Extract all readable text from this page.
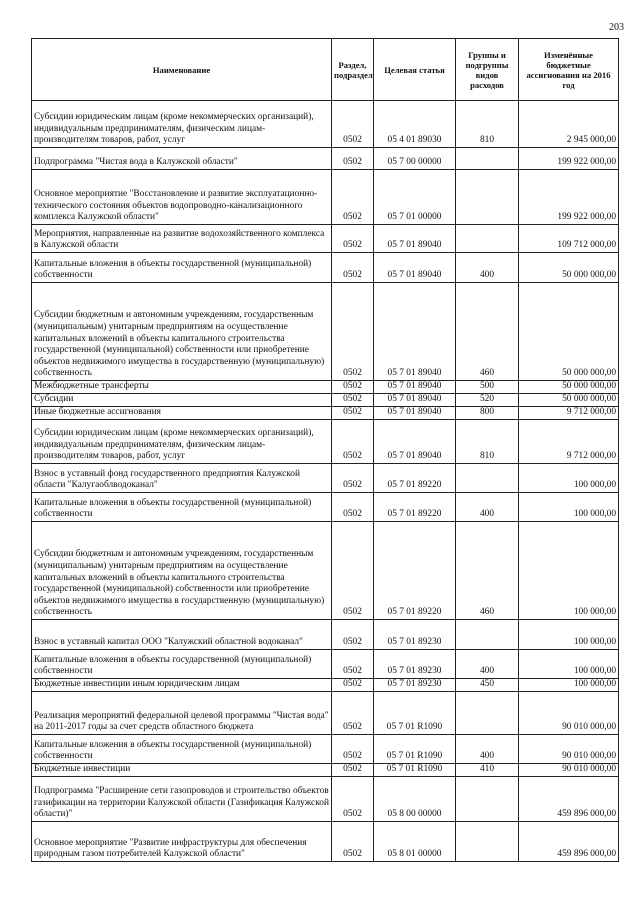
203
Наименование	Раздел, подраздел	Целевая статья	Группы и подгруппы видов расходов	Изменённые бюджетные ассигнования на 2016 год
Субсидии юридическим лицам (кроме некоммерческих организаций), индивидуальным предпринимателям, физическим лицам-производителям товаров, работ, услуг	0502	05 4 01 89030	810	2 945 000,00
Подпрограмма "Чистая вода в Калужской области"	0502	05 7 00 00000		199 922 000,00
Основное мероприятие "Восстановление и развитие эксплуатационно-технического состояния объектов водопроводно-канализационного комплекса Калужской области"	0502	05 7 01 00000		199 922 000,00
Мероприятия, направленные на развитие водохозяйственного комплекса в Калужской области	0502	05 7 01 89040		109 712 000,00
Капитальные вложения в объекты государственной (муниципальной) собственности	0502	05 7 01 89040	400	50 000 000,00
Субсидии бюджетным и автономным учреждениям, государственным (муниципальным) унитарным предприятиям на осуществление капитальных вложений в объекты капитального строительства государственной (муниципальной) собственности или приобретение объектов недвижимого имущества в государственную (муниципальную) собственность	0502	05 7 01 89040	460	50 000 000,00
Межбюджетные трансферты	0502	05 7 01 89040	500	50 000 000,00
Субсидии	0502	05 7 01 89040	520	50 000 000,00
Иные бюджетные ассигнования	0502	05 7 01 89040	800	9 712 000,00
Субсидии юридическим лицам (кроме некоммерческих организаций), индивидуальным предпринимателям, физическим лицам-производителям товаров, работ, услуг	0502	05 7 01 89040	810	9 712 000,00
Взнос в уставный фонд государственного предприятия Калужской области "Калугаоблводоканал"	0502	05 7 01 89220		100 000,00
Капитальные вложения в объекты государственной (муниципальной) собственности	0502	05 7 01 89220	400	100 000,00
Субсидии бюджетным и автономным учреждениям, государственным (муниципальным) унитарным предприятиям на осуществление капитальных вложений в объекты капитального строительства государственной (муниципальной) собственности или приобретение объектов недвижимого имущества в государственную (муниципальную) собственность	0502	05 7 01 89220	460	100 000,00
Взнос в уставный капитал ООО "Калужский областной водоканал"	0502	05 7 01 89230		100 000,00
Капитальные вложения в объекты государственной (муниципальной) собственности	0502	05 7 01 89230	400	100 000,00
Бюджетные инвестиции иным юридическим лицам	0502	05 7 01 89230	450	100 000,00
Реализация мероприятий федеральной целевой программы "Чистая вода" на 2011-2017 годы за счет средств областного бюджета	0502	05 7 01 R1090		90 010 000,00
Капитальные вложения в объекты государственной (муниципальной) собственности	0502	05 7 01 R1090	400	90 010 000,00
Бюджетные инвестиции	0502	05 7 01 R1090	410	90 010 000,00
Подпрограмма "Расширение сети газопроводов и строительство объектов газификации на территории Калужской области (Газификация Калужской области)"	0502	05 8 00 00000		459 896 000,00
Основное мероприятие "Развитие инфраструктуры для обеспечения природным газом потребителей Калужской области"	0502	05 8 01 00000		459 896 000,00
